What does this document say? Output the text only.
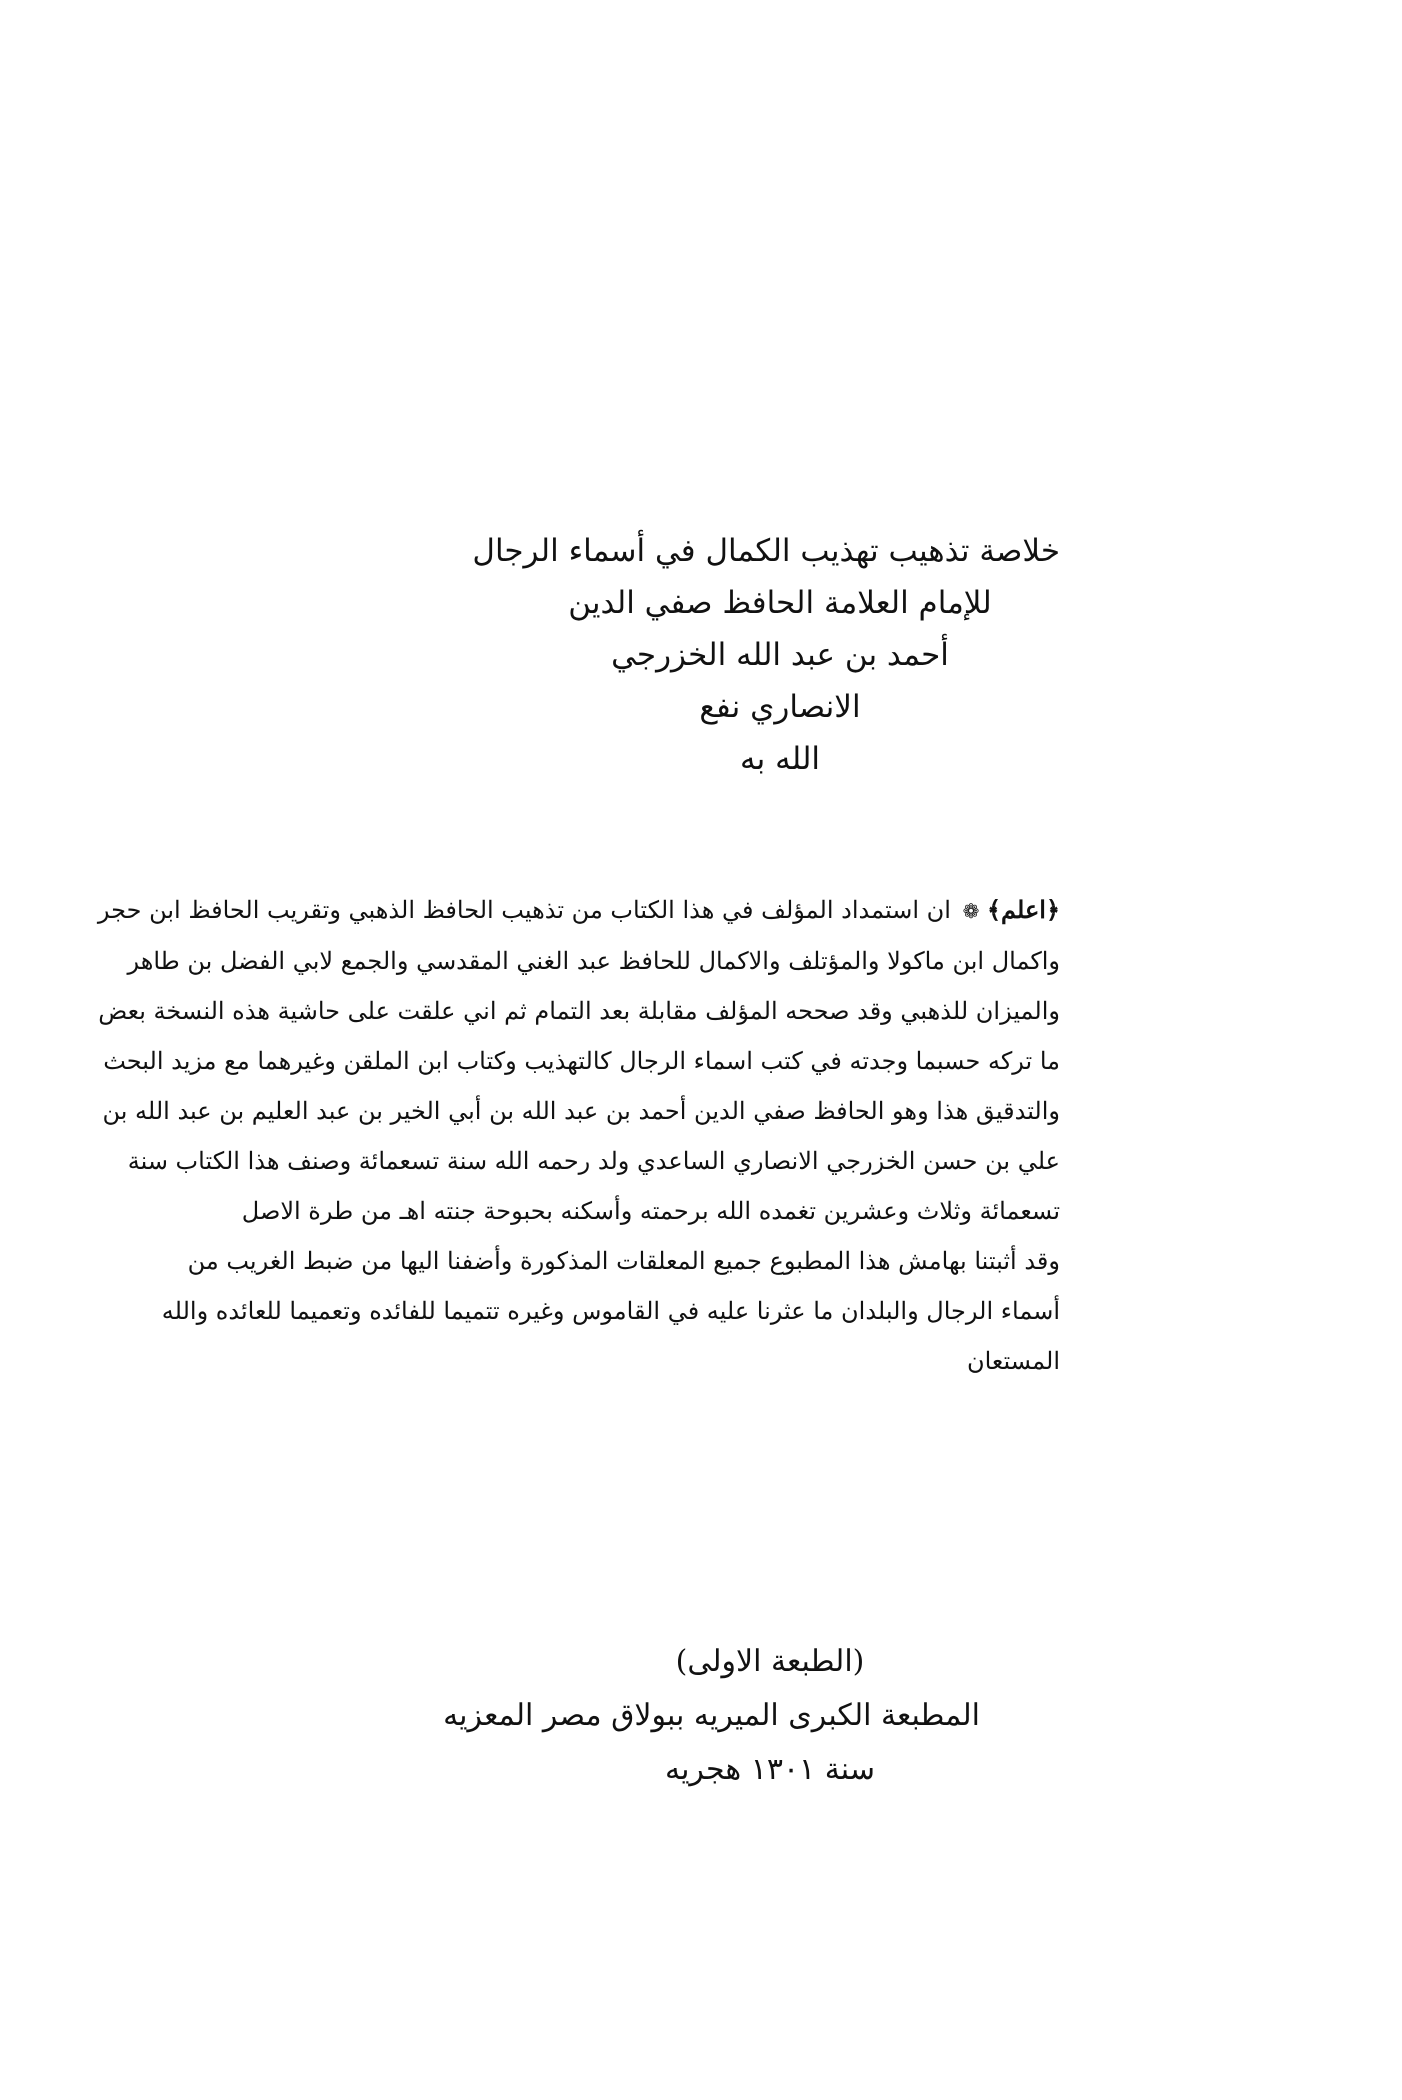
خلاصة تذهيب تهذيب الكمال في أسماء الرجال
للإمام العلامة الحافظ صفي الدين
أحمد بن عبد الله الخزرجي
الانصاري نفع
الله به
﴿اعلم﴾ ❁ ان استمداد المؤلف في هذا الكتاب من تذهيب الحافظ الذهبي وتقريب الحافظ ابن حجر
واكمال ابن ماكولا والمؤتلف والاكمال للحافظ عبد الغني المقدسي والجمع لابي الفضل بن طاهر
والميزان للذهبي وقد صححه المؤلف مقابلة بعد التمام ثم اني علقت على حاشية هذه النسخة بعض
ما تركه حسبما وجدته في كتب اسماء الرجال كالتهذيب وكتاب ابن الملقن وغيرهما مع مزيد البحث
والتدقيق هذا وهو الحافظ صفي الدين أحمد بن عبد الله بن أبي الخير بن عبد العليم بن عبد الله بن
علي بن حسن الخزرجي الانصاري الساعدي ولد رحمه الله سنة تسعمائة وصنف هذا الكتاب سنة
تسعمائة وثلاث وعشرين تغمده الله برحمته وأسكنه بحبوحة جنته اهـ من طرة الاصل
وقد أثبتنا بهامش هذا المطبوع جميع المعلقات المذكورة وأضفنا اليها من ضبط الغريب من
أسماء الرجال والبلدان ما عثرنا عليه في القاموس وغيره تتميما للفائده وتعميما للعائده والله
المستعان
(الطبعة الاولى)
المطبعة الكبرى الميريه ببولاق مصر المعزيه
سنة ١٣٠١ هجريه
